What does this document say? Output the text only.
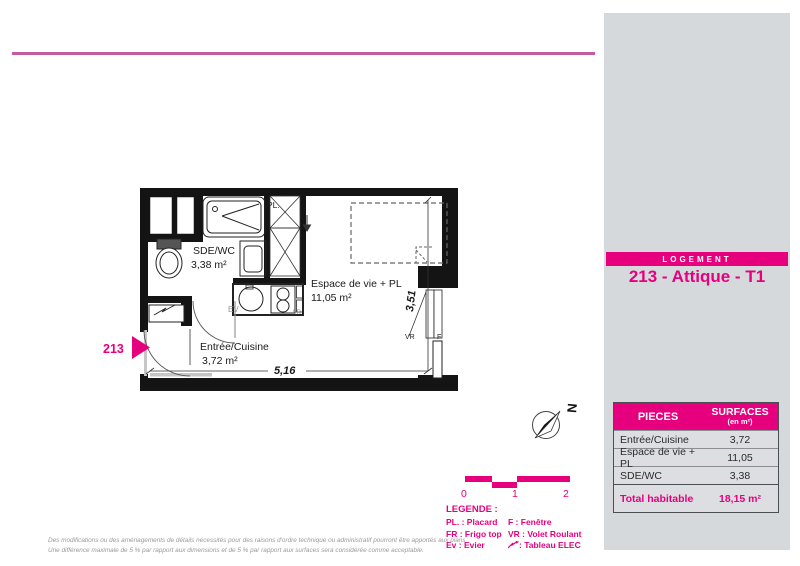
LOGEMENT
213 - Attique - T1
PIECES	SURFACES
(en m²)
Entrée/Cuisine	3,72
Espace de vie + PL	11,05
SDE/WC	3,38
Total habitable	18,15 m²
PL.
SDE/WC
3,38 m²
Espace de vie + PL
11,05 m²
Entrée/Cuisine
3,72 m²
5,16
3,51
VR	F
EV	FR
213
N
0	1	2
LEGENDE :
PL. : Placard	F : Fenêtre
FR : Frigo top VR : Volet Roulant
Ev : Evier	: Tableau ELEC
Des modifications ou des aménagements de détails nécessités pour des raisons d'ordre technique ou administratif pourront être apportés aux plans
Une différence maximale de 5 % par rapport aux dimensions et de 5 % par rapport aux surfaces sera considérée comme acceptable.
